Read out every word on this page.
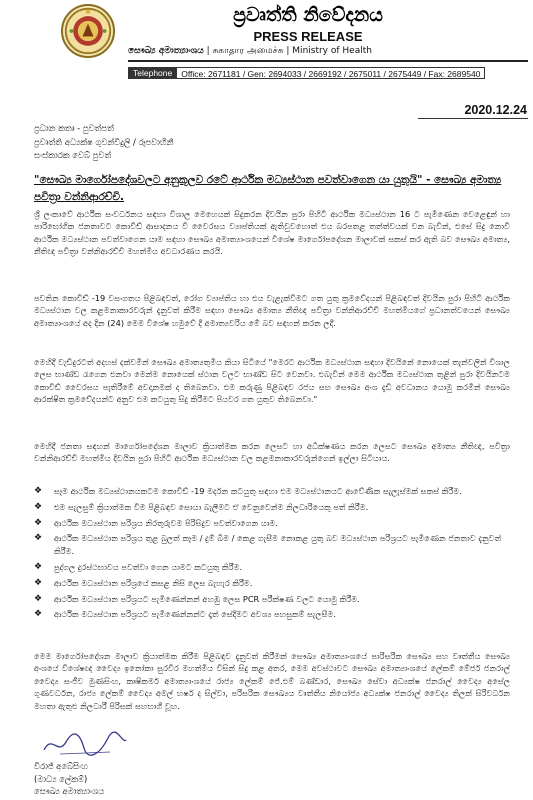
ප්‍රවෘත්ති නිවේදනය
PRESS RELEASE
සෞඛ්‍ය අමාත්‍යාංශය | சுகாதார அமைச்சு | Ministry of Health
Telephone	Office: 2671181 / Gen: 2694033 / 2669192 / 2675011 / 2675449 / Fax: 2689540
2020.12.24
ප්‍රධාන කතෘ - පුවත්පත්
ප්‍රවෘත්ති අධ්‍යක්ෂ ගුවන්විදුලි / රූපවාහිනී
සංස්කාරක වෙබ් පුවත්
"සෞඛ්‍ය මාර්ගෝපදේශවලට අනුකූලව රටේ ආර්ථික මධ්‍යස්ථාන පවත්වාගෙන යා යුතුයි" - සෞඛ්‍ය අමාත්‍ය පවිත්‍රා වන්නිආරච්චි.
ශ්‍රී ලංකාවේ ආර්ථික සංවර්ධනය සඳහා විශාල මෙහෙයක් සිදුකරන දිවයින පුරා පිහිටි ආර්ථික මධ්‍යස්ථාන 16 ට පැමිණෙන වෙළෙඳුන් හා පාරිභෝගික ජනතාවට කොවිඩ් ආසාදනය වී වෛරසය ව්‍යාප්තියක් ඇතිවුවහොත් එය බරපතළ තත්ත්වයක් වන බැවින්, එසේ සිදු නොවී ආර්ථික මධ්‍යස්ථාන පවත්වාගෙන යාම සඳහා සෞඛ්‍ය අමාත්‍යාංශයෙන් විශේෂ මාර්ගෝපදේශන මාලාවක් සකස් කර ඇති බව සෞඛ්‍ය අමාත්‍ය, නීතිඥ පවිත්‍රා වන්නිආරච්චි මහත්මිය අවධාරණය කරයි.
පවතින කොවිඩ් -19 වසංගතය පිළිබඳවත්, රෝග ව්‍යාප්තිය හා එය වැළැක්වීමට ගත යුතු ක්‍රමවේදයන් පිළිබඳවත් දිවයින පුරා පිහිටි ආර්ථික මධ්‍යස්ථාන වල කළමනාකාරවරුන් දැනුවත් කිරීම සඳහා සෞඛ්‍ය අමාත්‍ය නීතිඥ පවිත්‍රා වන්නිආරච්චි මහත්මියගේ ප්‍රධානත්වයෙන් සෞඛ්‍ය අමාත්‍යාංශයේ අද දින (24) මෙම විශේෂ හමුවේ දී අමාත්‍යවරිය මේ බව සඳහන් කරන ලදී.
මෙහිදී වැඩිදුරටත් අදහස් දක්වමින් සෞඛ්‍ය අමාත්‍යතුමිය කියා සිටියේ "මෙරට ආර්ථික මධ්‍යස්ථාන සඳහා දිවයිනේ නොයෙක් තැන්වලින් විශාල ලෙස භාණ්ඩ රැගෙන එනවා මෙන්ම නොයෙක් ස්ථාන වලට භාණ්ඩ සිට වෙනවා. එබැවින් මෙම ආර්ථික මධ්‍යස්ථාන තුළින් පුරා දිවයිනටම කොවිඩ් වෛරසය පැතිරීමේ අවදානමක් ද තිබෙනවා. එම කරුණු පිළිබඳව රජය සහ සෞඛ්‍ය අංශ දැඩි අවධානය යොමු කරමින් සෞඛ්‍ය ආරක්ෂිත ක්‍රමවේදයන්ට අනුව එම කටයුතු සිදු කිරීමට පියවර ගත යුතුව තිබෙනවා."
මෙහිදී ජනතා සඳහන් මාර්ගෝපදේශන මාලාව ක්‍රියාත්මක කරන ලෙසට හා අධීක්ෂණය කරන ලෙසට සෞඛ්‍ය අමාත්‍ය නීතිඥ, පවිත්‍රා වන්නිආරච්චි මහත්මිය දිවයින පුරා පිහිටි ආර්ථික මධ්‍යස්ථාන වල කළමනාකාරවරුන්ගෙන් ඉල්ලා සිටියාය.
❖	සෑම ආර්ථික මධ්‍යස්ථානයකටම කොවිඩ් -19 මර්දන කටයුතු සඳහා එම මධ්‍යස්ථානයට ආවේණික සැලැස්මක් සකස් කිරීම.
❖	එම සැලසුම් ක්‍රියාත්මක වීම පිළිබඳව සොයා බැලීමට ඒ වෙනුවෙන්ම නිලධාරියෙකු පත් කිරීම.
❖	ආර්ථික මධ්‍යස්ථාන පරිශ්‍රය නිරතුරුවම පිරිසිදුව පවත්වාගෙන යාම.
❖	ආර්ථික මධ්‍යස්ථාන පරිශ්‍රය තුළ බුලත් කෑම / දුම් බීම / කෙළ ගැසීම නොකළ යුතු බව මධ්‍යස්ථාන පරිශ්‍රයට පැමිණෙන ජනතාව දැනුවත් කිරීම.
❖	පුද්ගල දුරස්ථභාවය පවත්වා ගෙන යාමට කටයුතු කිරීම.
❖	ආර්ථික මධ්‍යස්ථාන පරිශ්‍රයේ කසළ නිසි ලෙස බැහැර කිරීම.
❖	ආර්ථික මධ්‍යස්ථාන පරිශ්‍රයට පැමිණෙන්නන් අහඹු ලෙස PCR පරීක්ෂණ වලට යොමු කිරීම.
❖	ආර්ථික මධ්‍යස්ථාන පරිශ්‍රයට පැමිණෙන්නන්ට දෑත් සේදීමට අවශ්‍ය පහසුකම් සැලසීම.
මෙම මාර්ගෝපදේශන මාලාව ක්‍රියාත්මක කිරීම පිළිබඳව දැනුවත් කිරීමක් සෞඛ්‍ය අමාත්‍යාංශයේ පාරිසරික සෞඛ්‍ය සහ වෘත්තීය සෞඛ්‍ය අංශයේ විශේෂඥ වෛද්‍ය ඉනෝකා සුරවීර මහත්මිය විසින් සිදු කළ අතර, මෙම අවස්ථාවට සෞඛ්‍ය අමාත්‍යාංශයේ ලේකම් මේජර් ජනරාල් වෛද්‍ය සංජීව මුණසිංහ, කෘෂිකර්ම අමාත්‍යාංශයේ රාජ්‍ය ලේකම් ජේ.එම් බණ්ඩාර, සෞඛ්‍ය සේවා අධ්‍යක්ෂ ජනරාල් වෛද්‍ය අසේල ගුණවර්ධන, රාජ්‍ය ලේකම් වෛද්‍ය අමල් හර්ෂ ද සිල්වා, පරිසරික සෞඛ්‍යය වෘත්තීය නියෝජ්‍ය අධ්‍යක්ෂ ජනරාල් වෛද්‍ය තිලක් සිරිවර්ධන මහතා ඇතුළු නිලධාරී පිරිසක් සහභාගී වූහ.
විරාජ් අබේසිංහ
(මාධ්‍ය ලේකම්)
සෞඛ්‍ය අමාත්‍යාංශය
